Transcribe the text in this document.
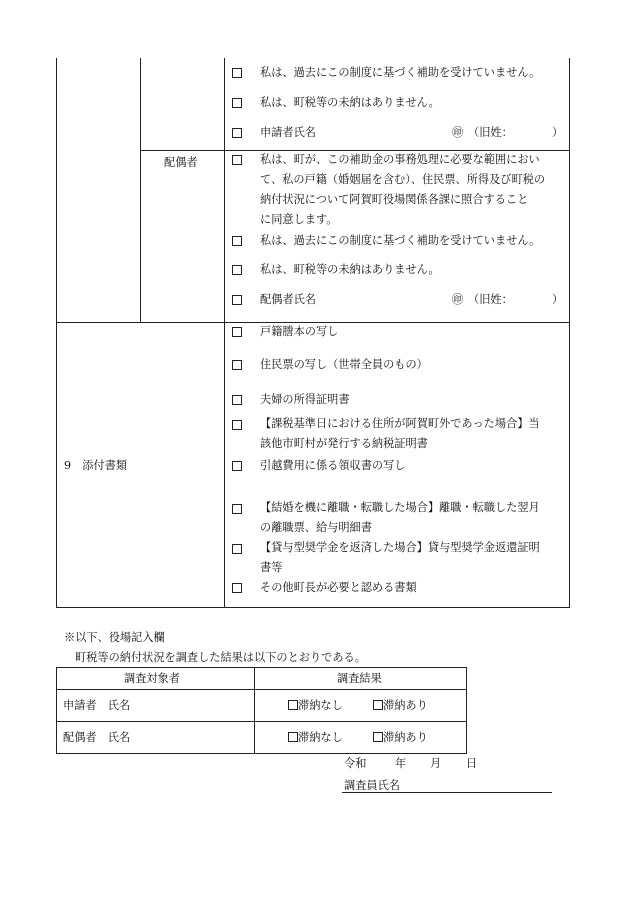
私は、過去にこの制度に基づく補助を受けていません。
私は、町税等の未納はありません。
申請者氏名	㊞ （旧姓：	）
配偶者	私は、町が、この補助金の事務処理に必要な範囲におい
て、私の戸籍（婚姻届を含む）、住民票、所得及び町税の
納付状況について阿賀町役場関係各課に照合すること
に同意します。
私は、過去にこの制度に基づく補助を受けていません。
私は、町税等の未納はありません。
配偶者氏名	㊞ （旧姓：	）
9　添付書類
戸籍謄本の写し
住民票の写し（世帯全員のもの）
夫婦の所得証明書
【課税基準日における住所が阿賀町外であった場合】当
該他市町村が発行する納税証明書
引越費用に係る領収書の写し
【結婚を機に離職・転職した場合】離職・転職した翌月
の離職票、給与明細書
【貸与型奨学金を返済した場合】貸与型奨学金返還証明
書等
その他町長が必要と認める書類
※以下、役場記入欄
町税等の納付状況を調査した結果は以下のとおりである。
調査対象者	調査結果
申請者　氏名	滞納なし	滞納あり
配偶者　氏名	滞納なし	滞納あり
令和	年 月 日
調査員氏名
